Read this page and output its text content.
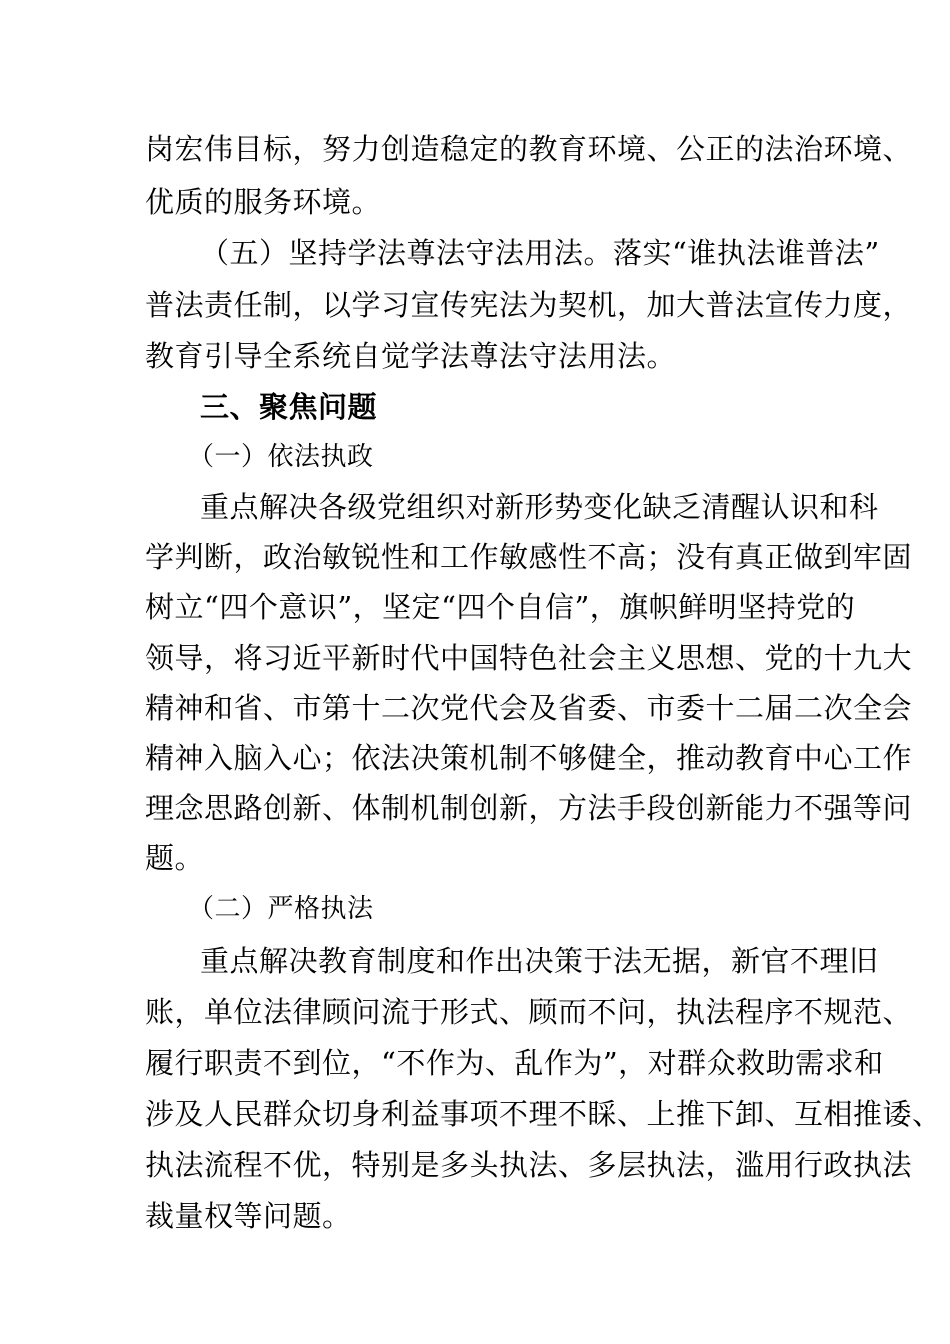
岗宏伟目标，努力创造稳定的教育环境、公正的法治环境、
优质的服务环境。
（五）坚持学法尊法守法用法。落实“谁执法谁普法”
普法责任制，以学习宣传宪法为契机，加大普法宣传力度，
教育引导全系统自觉学法尊法守法用法。
三、聚焦问题
（一）依法执政
重点解决各级党组织对新形势变化缺乏清醒认识和科
学判断，政治敏锐性和工作敏感性不高；没有真正做到牢固
树立“四个意识”，坚定“四个自信”，旗帜鲜明坚持党的
领导，将习近平新时代中国特色社会主义思想、党的十九大
精神和省、市第十二次党代会及省委、市委十二届二次全会
精神入脑入心；依法决策机制不够健全，推动教育中心工作
理念思路创新、体制机制创新，方法手段创新能力不强等问
题。
（二）严格执法
重点解决教育制度和作出决策于法无据，新官不理旧
账，单位法律顾问流于形式、顾而不问，执法程序不规范、
履行职责不到位，“不作为、乱作为”，对群众救助需求和
涉及人民群众切身利益事项不理不睬、上推下卸、互相推诿、
执法流程不优，特别是多头执法、多层执法，滥用行政执法
裁量权等问题。
